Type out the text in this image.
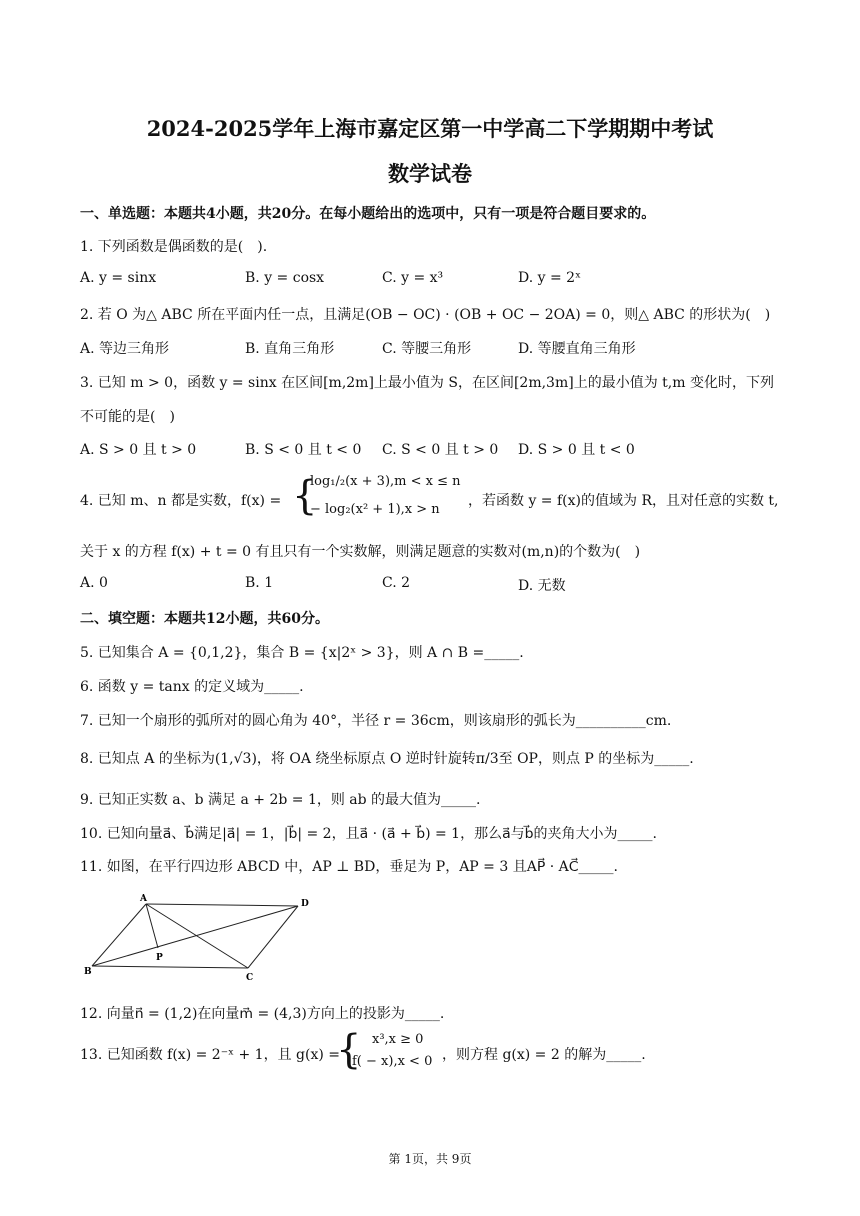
2024-2025学年上海市嘉定区第一中学高二下学期期中考试
数学试卷
一、单选题：本题共4小题，共20分。在每小题给出的选项中，只有一项是符合题目要求的。
1. 下列函数是偶函数的是(　).
A. y = sinx	B. y = cosx	C. y = x³	D. y = 2ˣ
2. 若 O 为△ ABC 所在平面内任一点，且满足(OB − OC) · (OB + OC − 2OA) = 0，则△ ABC 的形状为(　)
A. 等边三角形	B. 直角三角形	C. 等腰三角形	D. 等腰直角三角形
3. 已知 m > 0，函数 y = sinx 在区间[m,2m]上最小值为 S，在区间[2m,3m]上的最小值为 t,m 变化时，下列
不可能的是(　)
A. S > 0 且 t > 0	B. S < 0 且 t < 0 C. S < 0 且 t > 0 D. S > 0 且 t < 0
4. 已知 m、n 都是实数，f(x) = {
log₁/₂(x + 3),m < x ≤ n
− log₂(x² + 1),x > n
，若函数 y = f(x)的值域为 R，且对任意的实数 t,
关于 x 的方程 f(x) + t = 0 有且只有一个实数解，则满足题意的实数对(m,n)的个数为(　)
A. 0	B. 1	C. 2	D. 无数
二、填空题：本题共12小题，共60分。
5. 已知集合 A = {0,1,2}，集合 B = {x|2ˣ > 3}，则 A ∩ B =_____.
6. 函数 y = tanx 的定义域为_____.
7. 已知一个扇形的弧所对的圆心角为 40°，半径 r = 36cm，则该扇形的弧长为__________cm.
8. 已知点 A 的坐标为(1,√3)，将 OA 绕坐标原点 O 逆时针旋转π/3至 OP，则点 P 的坐标为_____.
9. 已知正实数 a、b 满足 a + 2b = 1，则 ab 的最大值为_____.
10. 已知向量a⃗、b⃗满足|a⃗| = 1，|b⃗| = 2，且a⃗ · (a⃗ + b⃗) = 1，那么a⃗与b⃗的夹角大小为_____.
11. 如图，在平行四边形 ABCD 中，AP ⊥ BD，垂足为 P，AP = 3 且AP⃗ · AC⃗_____.
A
B
C
D
P
12. 向量n⃗ = (1,2)在向量m⃗ = (4,3)方向上的投影为_____.
13. 已知函数 f(x) = 2⁻ˣ + 1，且 g(x) =
{ x³,x ≥ 0
f( − x),x < 0 ，则方程 g(x) = 2 的解为_____.
第 1页，共 9页
